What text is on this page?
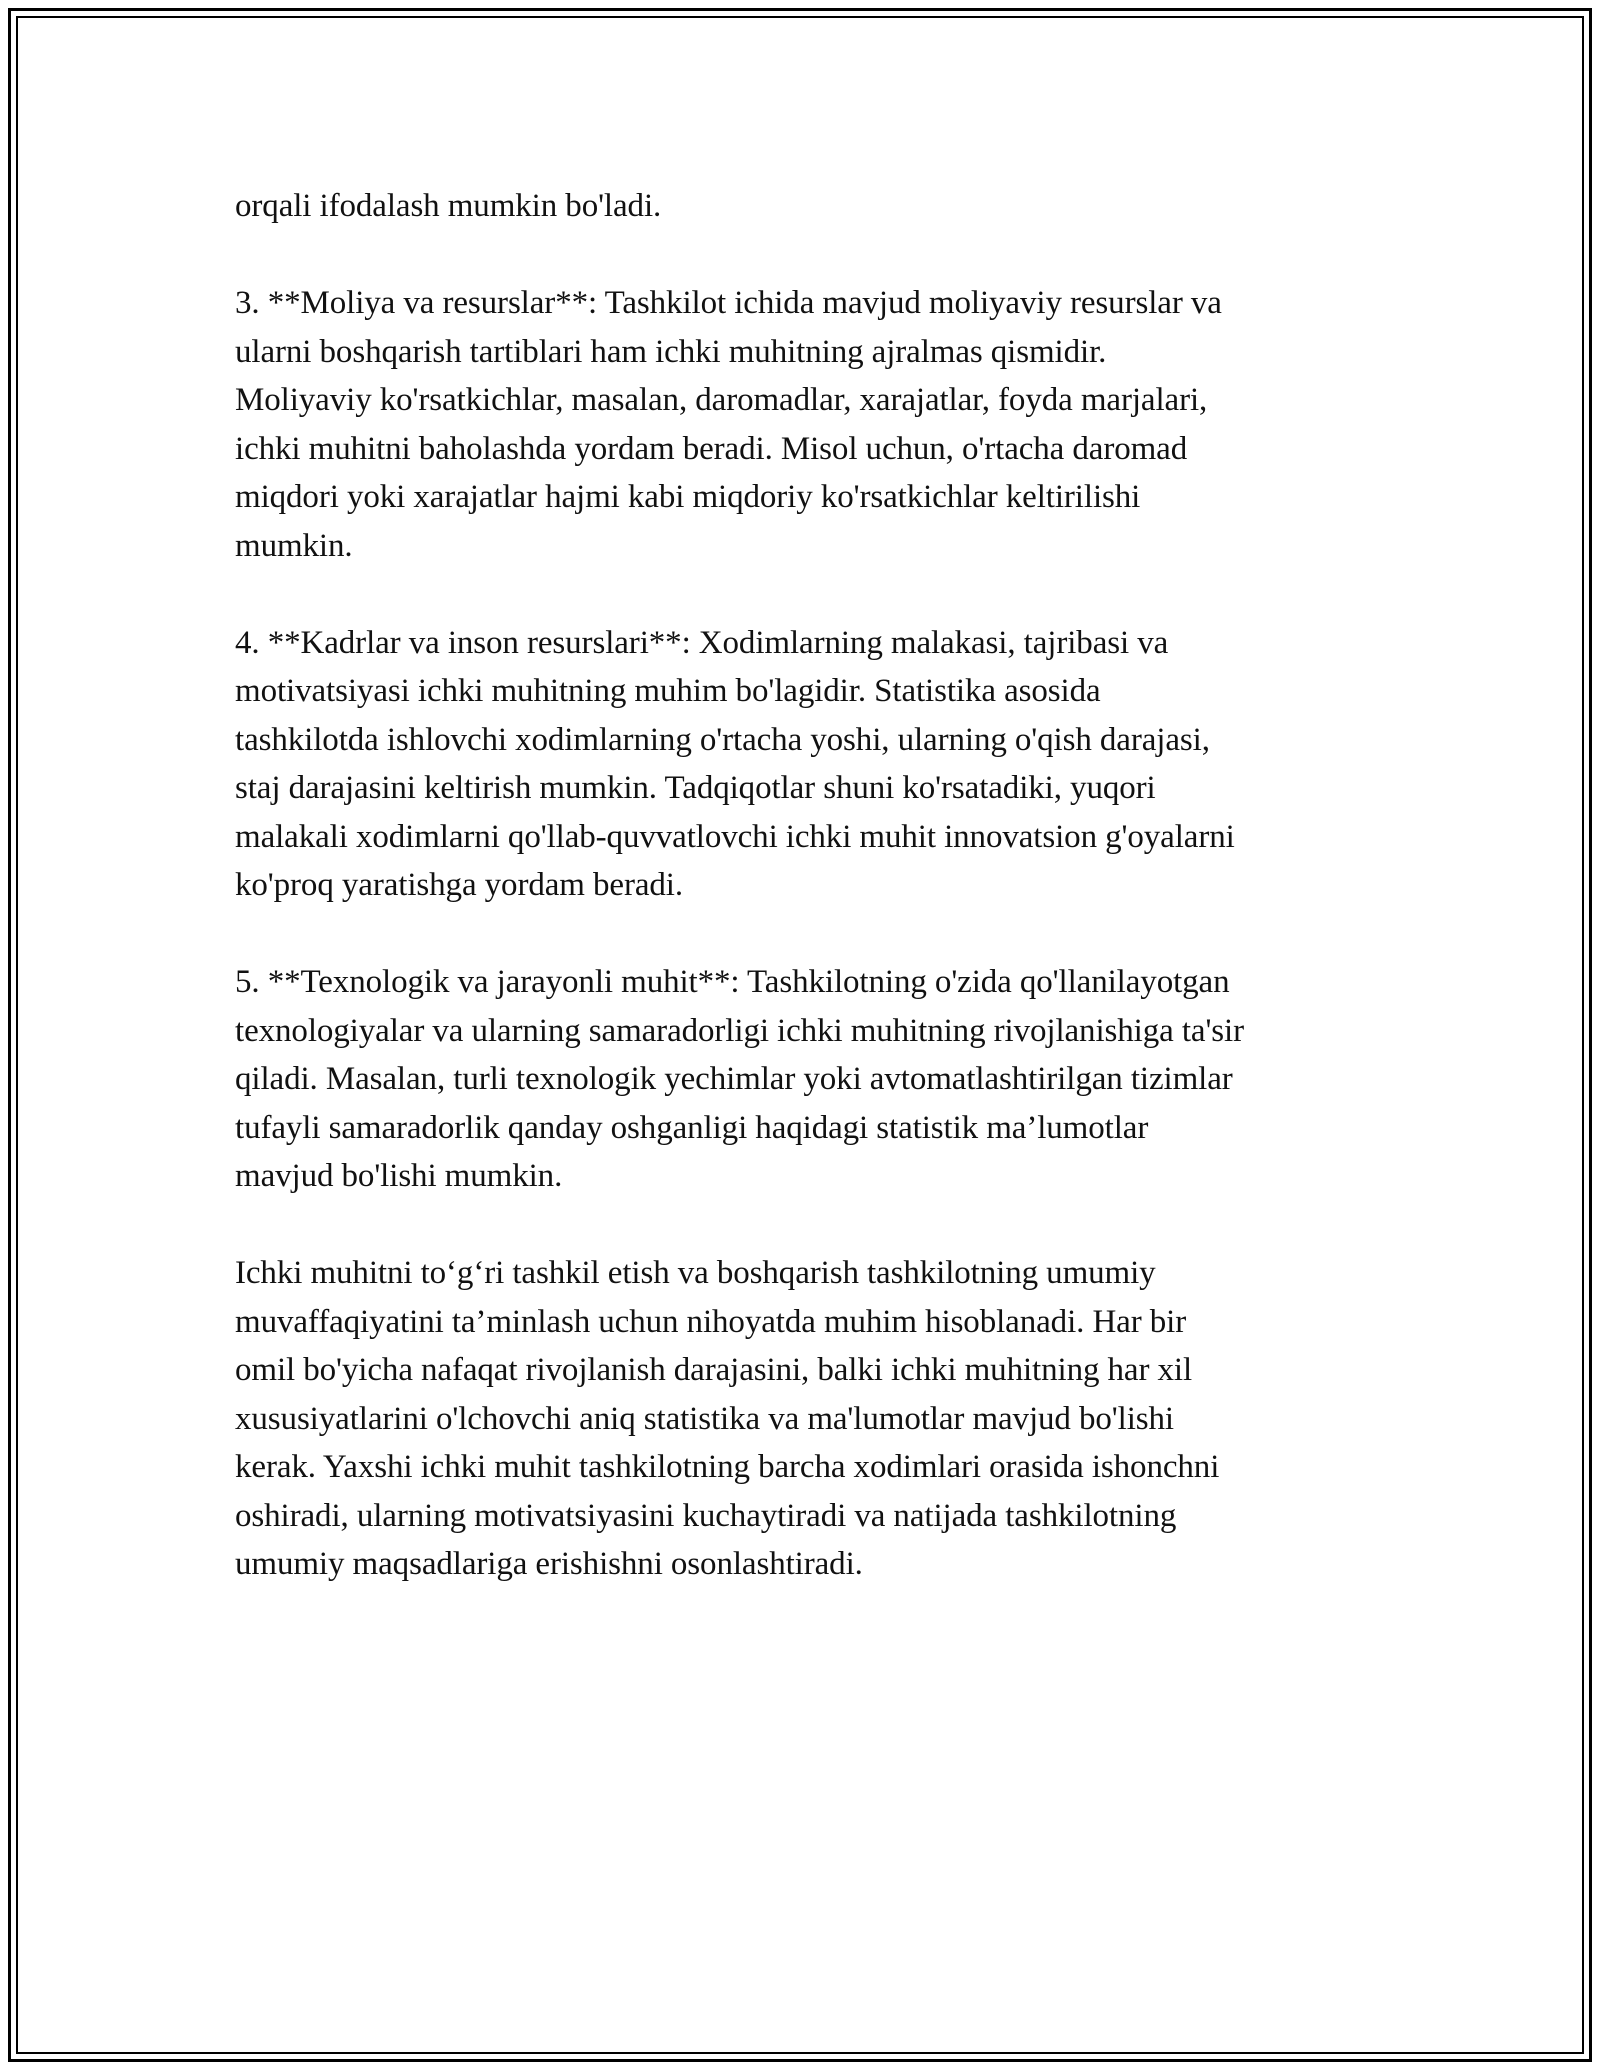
orqali ifodalash mumkin bo'ladi.

3. **Moliya va resurslar**: Tashkilot ichida mavjud moliyaviy resurslar va
ularni boshqarish tartiblari ham ichki muhitning ajralmas qismidir.
Moliyaviy ko'rsatkichlar, masalan, daromadlar, xarajatlar, foyda marjalari,
ichki muhitni baholashda yordam beradi. Misol uchun, o'rtacha daromad
miqdori yoki xarajatlar hajmi kabi miqdoriy ko'rsatkichlar keltirilishi
mumkin.

4. **Kadrlar va inson resurslari**: Xodimlarning malakasi, tajribasi va
motivatsiyasi ichki muhitning muhim bo'lagidir. Statistika asosida
tashkilotda ishlovchi xodimlarning o'rtacha yoshi, ularning o'qish darajasi,
staj darajasini keltirish mumkin. Tadqiqotlar shuni ko'rsatadiki, yuqori
malakali xodimlarni qo'llab-quvvatlovchi ichki muhit innovatsion g'oyalarni
ko'proq yaratishga yordam beradi.

5. **Texnologik va jarayonli muhit**: Tashkilotning o'zida qo'llanilayotgan
texnologiyalar va ularning samaradorligi ichki muhitning rivojlanishiga ta'sir
qiladi. Masalan, turli texnologik yechimlar yoki avtomatlashtirilgan tizimlar
tufayli samaradorlik qanday oshganligi haqidagi statistik ma’lumotlar
mavjud bo'lishi mumkin.

Ichki muhitni to‘g‘ri tashkil etish va boshqarish tashkilotning umumiy
muvaffaqiyatini ta’minlash uchun nihoyatda muhim hisoblanadi. Har bir
omil bo'yicha nafaqat rivojlanish darajasini, balki ichki muhitning har xil
xususiyatlarini o'lchovchi aniq statistika va ma'lumotlar mavjud bo'lishi
kerak. Yaxshi ichki muhit tashkilotning barcha xodimlari orasida ishonchni
oshiradi, ularning motivatsiyasini kuchaytiradi va natijada tashkilotning
umumiy maqsadlariga erishishni osonlashtiradi.
